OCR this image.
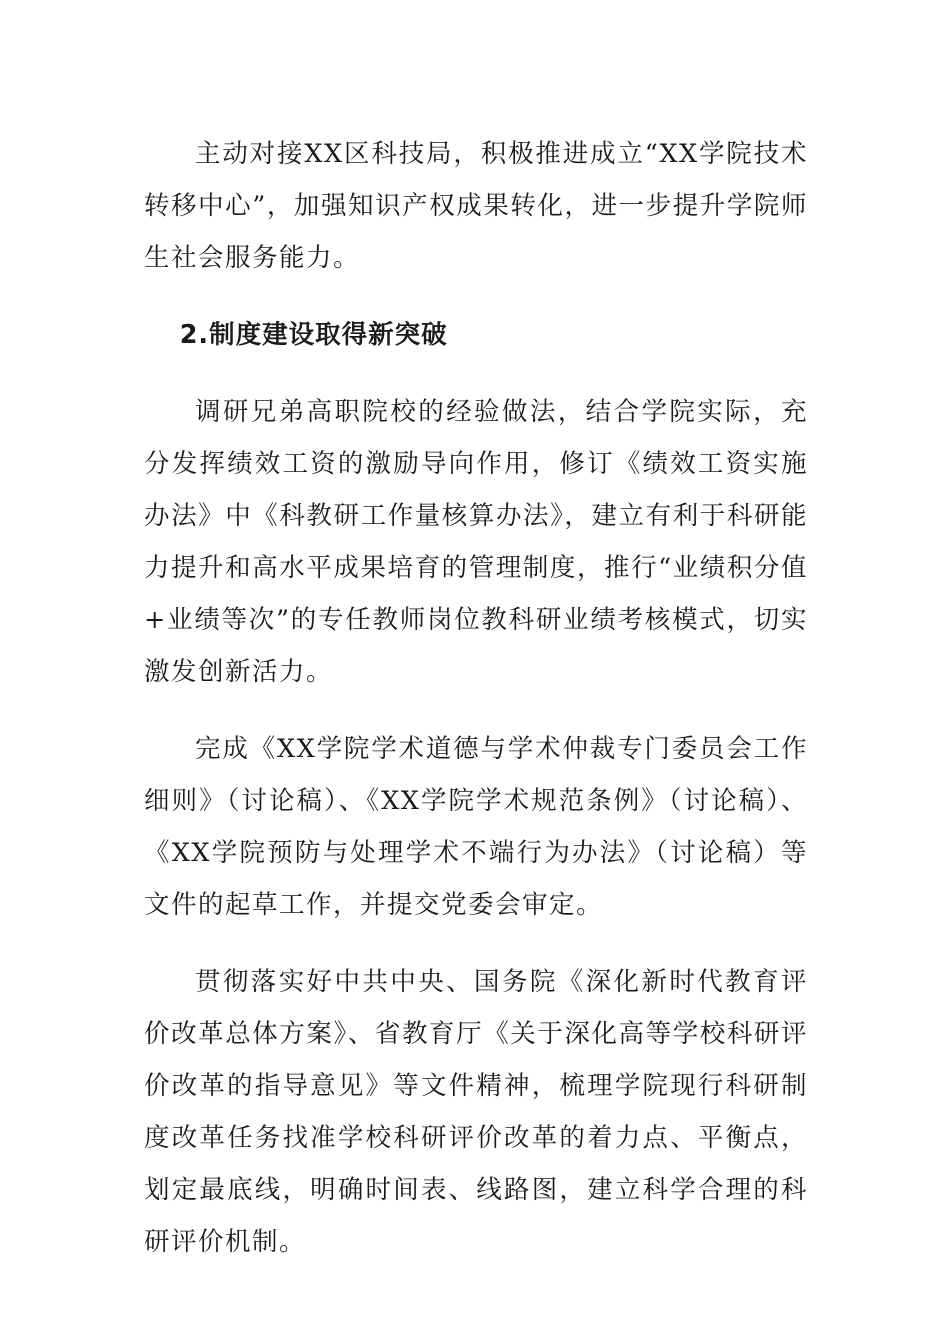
主动对接XX区科技局，积极推进成立“XX学院技术转移中心”，加强知识产权成果转化，进一步提升学院师生社会服务能力。

2.制度建设取得新突破

调研兄弟高职院校的经验做法，结合学院实际，充分发挥绩效工资的激励导向作用，修订《绩效工资实施办法》中《科教研工作量核算办法》，建立有利于科研能力提升和高水平成果培育的管理制度，推行“业绩积分值+业绩等次”的专任教师岗位教科研业绩考核模式，切实激发创新活力。

完成《XX学院学术道德与学术仲裁专门委员会工作细则》（讨论稿）、《XX学院学术规范条例》（讨论稿）、《XX学院预防与处理学术不端行为办法》（讨论稿）等文件的起草工作，并提交党委会审定。

贯彻落实好中共中央、国务院《深化新时代教育评价改革总体方案》、省教育厅《关于深化高等学校科研评价改革的指导意见》等文件精神，梳理学院现行科研制度改革任务找准学校科研评价改革的着力点、平衡点，划定最底线，明确时间表、线路图，建立科学合理的科研评价机制。
